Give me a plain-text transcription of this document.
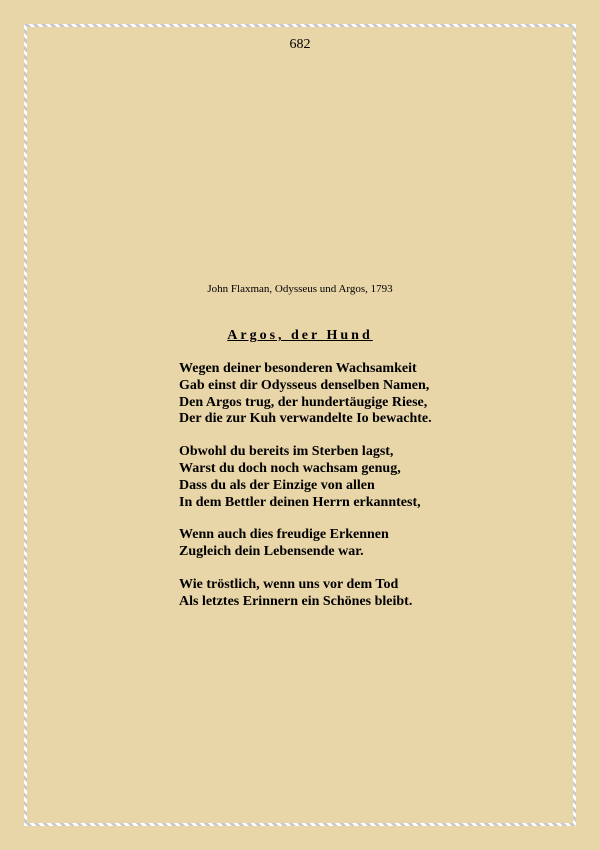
682
John Flaxman, Odysseus und Argos, 1793
Argos, der Hund
Wegen deiner besonderen Wachsamkeit
Gab einst dir Odysseus denselben Namen,
Den Argos trug, der hundertäugige Riese,
Der die zur Kuh verwandelte Io bewachte.
Obwohl du bereits im Sterben lagst,
Warst du doch noch wachsam genug,
Dass du als der Einzige von allen
In dem Bettler deinen Herrn erkanntest,
Wenn auch dies freudige Erkennen
Zugleich dein Lebensende war.
Wie tröstlich, wenn uns vor dem Tod
Als letztes Erinnern ein Schönes bleibt.
